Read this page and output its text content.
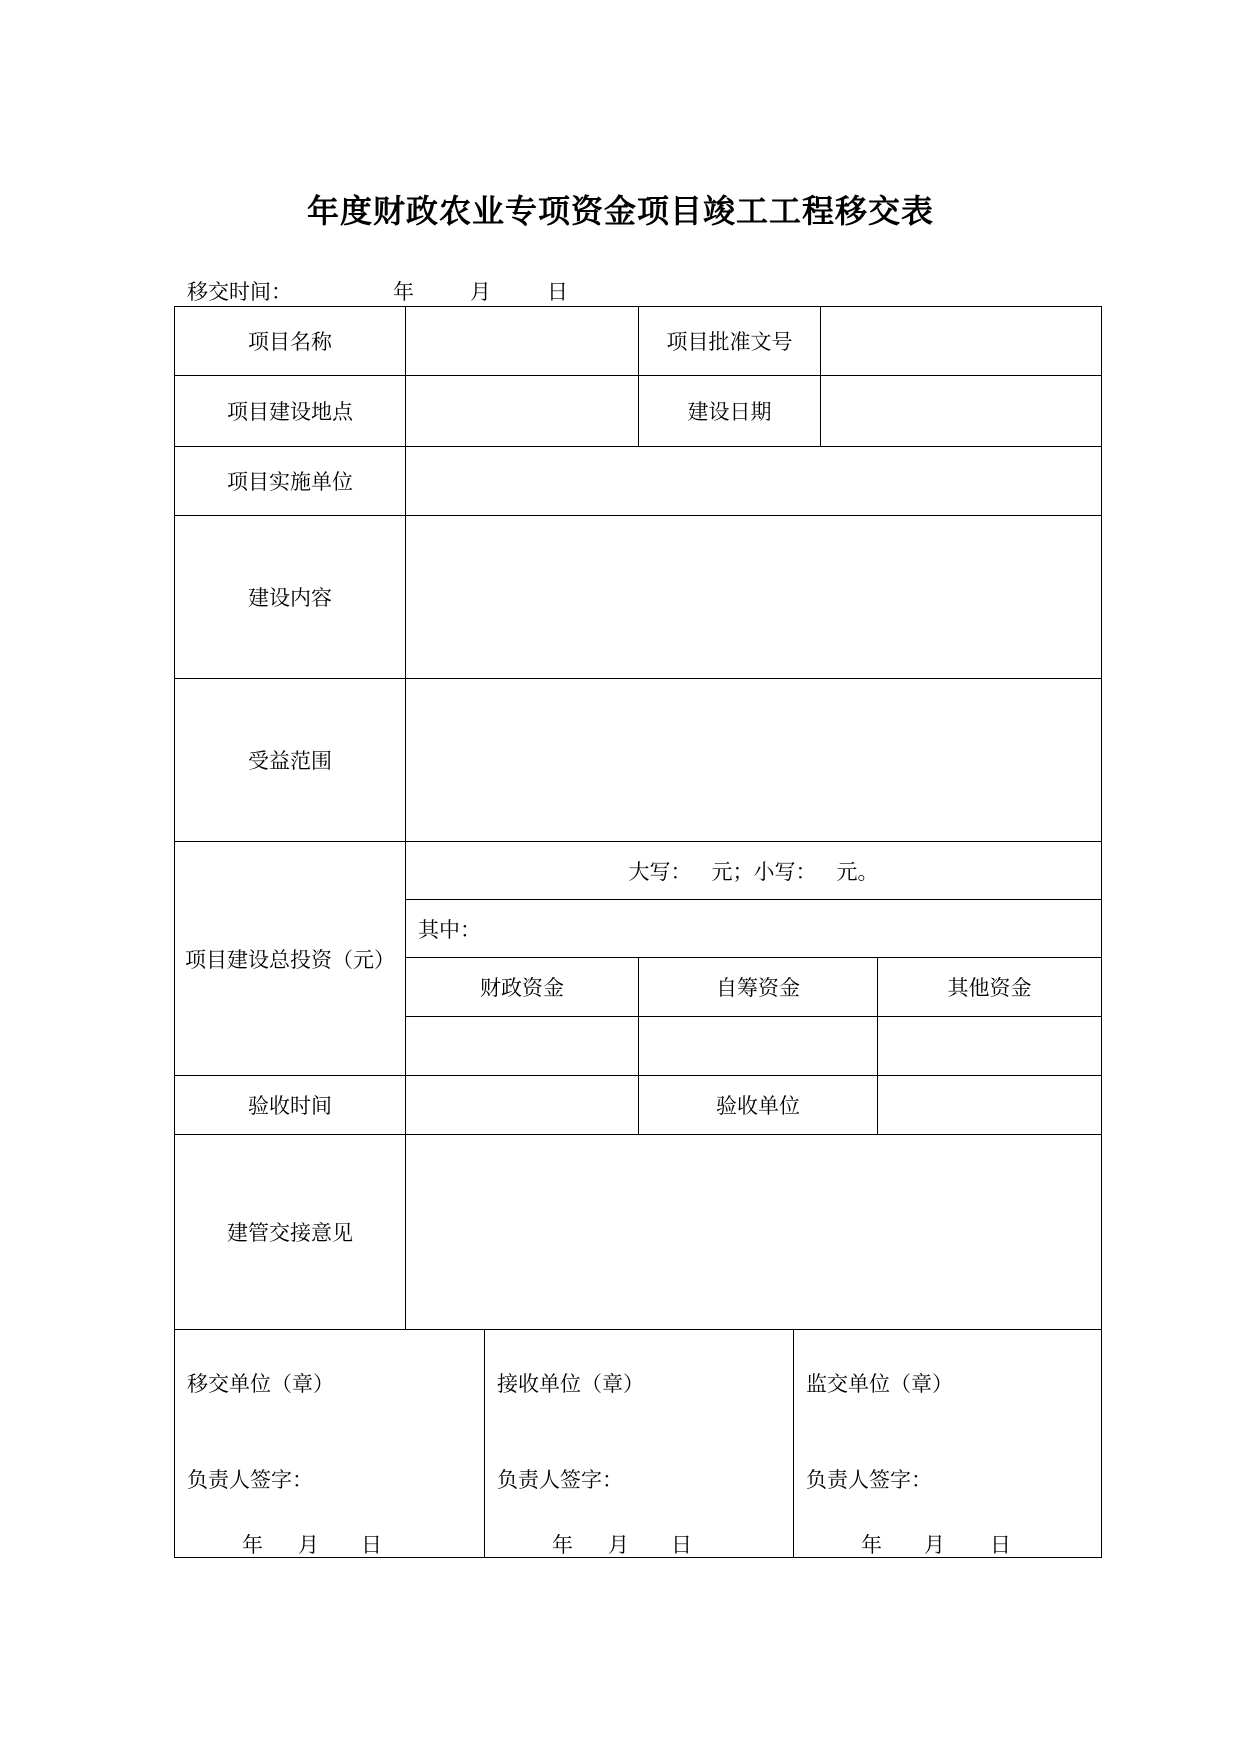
年度财政农业专项资金项目竣工工程移交表

移交时间：

	年

	月

	日

项目名称	项目批准文号
项目建设地点	建设日期
项目实施单位
建设内容
受益范围
项目建设总投资（元）
大写：   元；小写：   元。
其中：
财政资金	自筹资金	其他资金
验收时间	验收单位
建管交接意见
移交单位（章）
负责人签字：
年 月 日
接收单位（章）
负责人签字：
年 月 日
监交单位（章）
负责人签字：
年 月 日
